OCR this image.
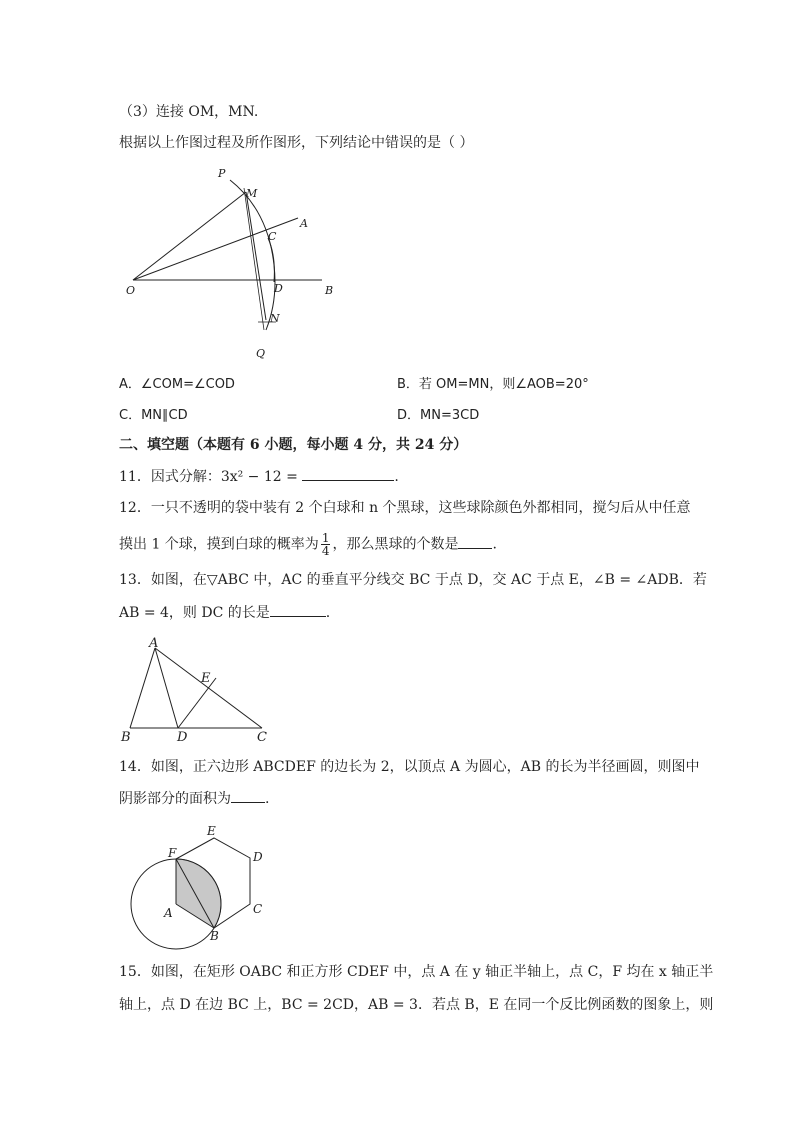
（3）连接 OM，MN.
根据以上作图过程及所作图形，下列结论中错误的是（ ）
P
M
A
C
O	D	B
N
Q
A．∠COM=∠COD	B．若 OM=MN，则∠AOB=20°
C．MN∥CD	D．MN=3CD
二、填空题（本题有 6 小题，每小题 4 分，共 24 分）
11．因式分解：3x² − 12 =	.
12．一只不透明的袋中装有 2 个白球和 n 个黑球，这些球除颜色外都相同，搅匀后从中任意
摸出 1 个球，摸到白球的概率为 $\frac{1}{4}$ ，那么黑球的个数是 .
13．如图，在▽ABC 中，AC 的垂直平分线交 BC 于点 D，交 AC 于点 E，∠B = ∠ADB．若
AB = 4，则 DC 的长是	.
A
E
B	D	C
14．如图，正六边形 ABCDEF 的边长为 2，以顶点 A 为圆心，AB 的长为半径画圆，则图中
阴影部分的面积为 .
E
F	D
A	C
B
15．如图，在矩形 OABC 和正方形 CDEF 中，点 A 在 y 轴正半轴上，点 C，F 均在 x 轴正半
轴上，点 D 在边 BC 上，BC = 2CD，AB = 3．若点 B，E 在同一个反比例函数的图象上，则
